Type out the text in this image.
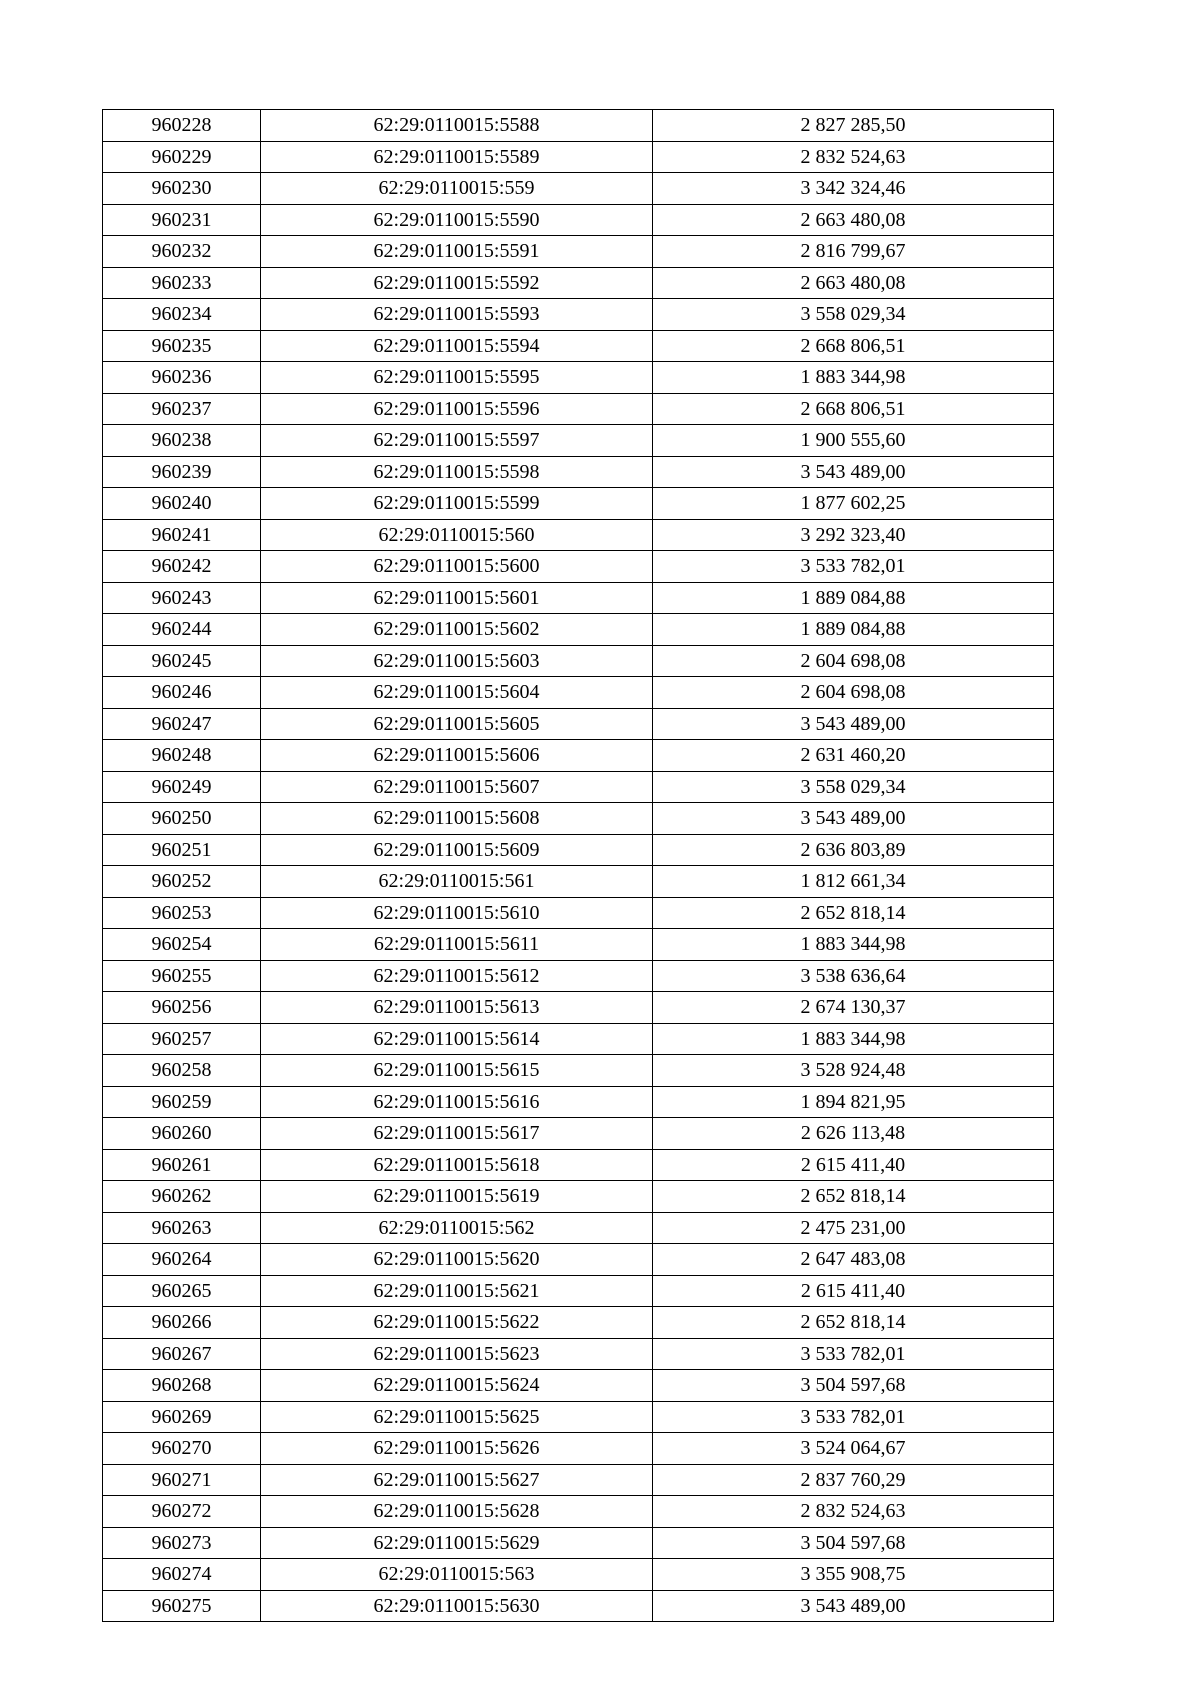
960228	62:29:0110015:5588	2 827 285,50
960229	62:29:0110015:5589	2 832 524,63
960230	62:29:0110015:559	3 342 324,46
960231	62:29:0110015:5590	2 663 480,08
960232	62:29:0110015:5591	2 816 799,67
960233	62:29:0110015:5592	2 663 480,08
960234	62:29:0110015:5593	3 558 029,34
960235	62:29:0110015:5594	2 668 806,51
960236	62:29:0110015:5595	1 883 344,98
960237	62:29:0110015:5596	2 668 806,51
960238	62:29:0110015:5597	1 900 555,60
960239	62:29:0110015:5598	3 543 489,00
960240	62:29:0110015:5599	1 877 602,25
960241	62:29:0110015:560	3 292 323,40
960242	62:29:0110015:5600	3 533 782,01
960243	62:29:0110015:5601	1 889 084,88
960244	62:29:0110015:5602	1 889 084,88
960245	62:29:0110015:5603	2 604 698,08
960246	62:29:0110015:5604	2 604 698,08
960247	62:29:0110015:5605	3 543 489,00
960248	62:29:0110015:5606	2 631 460,20
960249	62:29:0110015:5607	3 558 029,34
960250	62:29:0110015:5608	3 543 489,00
960251	62:29:0110015:5609	2 636 803,89
960252	62:29:0110015:561	1 812 661,34
960253	62:29:0110015:5610	2 652 818,14
960254	62:29:0110015:5611	1 883 344,98
960255	62:29:0110015:5612	3 538 636,64
960256	62:29:0110015:5613	2 674 130,37
960257	62:29:0110015:5614	1 883 344,98
960258	62:29:0110015:5615	3 528 924,48
960259	62:29:0110015:5616	1 894 821,95
960260	62:29:0110015:5617	2 626 113,48
960261	62:29:0110015:5618	2 615 411,40
960262	62:29:0110015:5619	2 652 818,14
960263	62:29:0110015:562	2 475 231,00
960264	62:29:0110015:5620	2 647 483,08
960265	62:29:0110015:5621	2 615 411,40
960266	62:29:0110015:5622	2 652 818,14
960267	62:29:0110015:5623	3 533 782,01
960268	62:29:0110015:5624	3 504 597,68
960269	62:29:0110015:5625	3 533 782,01
960270	62:29:0110015:5626	3 524 064,67
960271	62:29:0110015:5627	2 837 760,29
960272	62:29:0110015:5628	2 832 524,63
960273	62:29:0110015:5629	3 504 597,68
960274	62:29:0110015:563	3 355 908,75
960275	62:29:0110015:5630	3 543 489,00
